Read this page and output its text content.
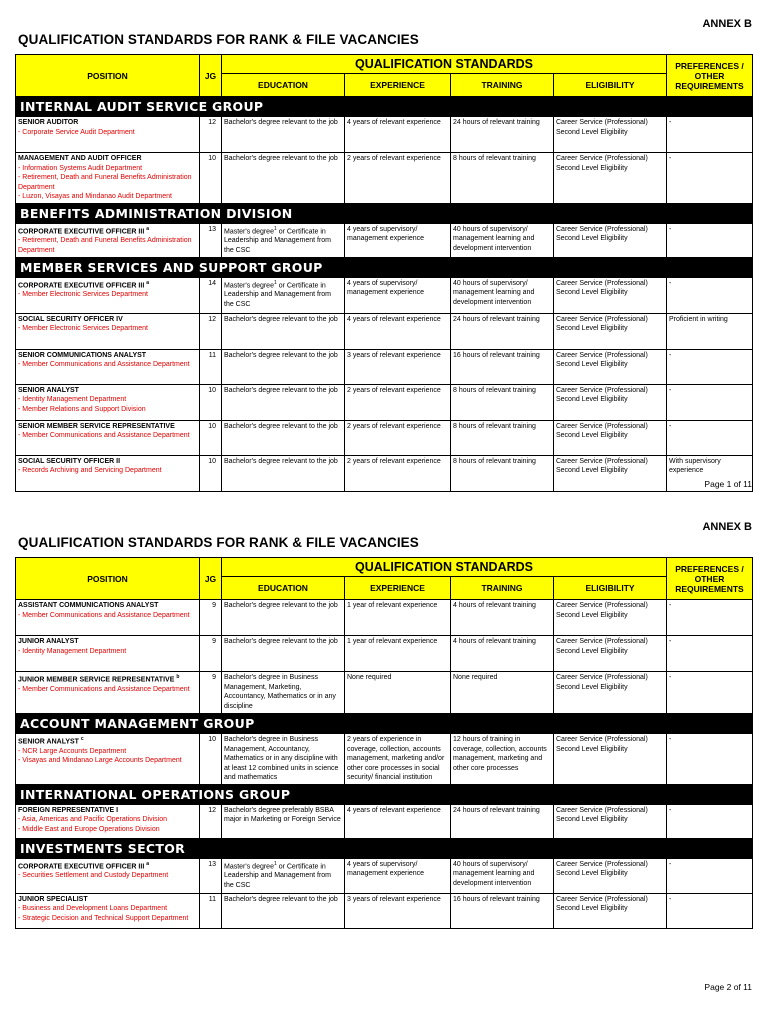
ANNEX B
QUALIFICATION STANDARDS FOR RANK & FILE VACANCIES
POSITION	JG	QUALIFICATION STANDARDS				PREFERENCES / OTHER REQUIREMENTS
		EDUCATION	EXPERIENCE	TRAINING	ELIGIBILITY	
INTERNAL AUDIT SERVICE GROUP						

SENIOR AUDITOR
- Corporate Service Audit Department	12	Bachelor's degree relevant to the job	4 years of relevant experience	24 hours of relevant training	Career Service (Professional) Second Level Eligibility	-

MANAGEMENT AND AUDIT OFFICER
- Information Systems Audit Department
- Retirement, Death and Funeral Benefits Administration Department
- Luzon, Visayas and Mindanao Audit Department	10	Bachelor's degree relevant to the job	2 years of relevant experience	8 hours of relevant training	Career Service (Professional) Second Level Eligibility	-
BENEFITS ADMINISTRATION DIVISION						

CORPORATE EXECUTIVE OFFICER III $^a$
- Retirement, Death and Funeral Benefits Administration Department	13	Master's degree$^1$ or Certificate in Leadership and Management from the CSC	4 years of supervisory/ management experience	40 hours of supervisory/ management learning and development intervention	Career Service (Professional) Second Level Eligibility	-
MEMBER SERVICES AND SUPPORT GROUP						

CORPORATE EXECUTIVE OFFICER III $^a$
- Member Electronic Services Department	14	Master's degree$^1$ or Certificate in Leadership and Management from the CSC	4 years of supervisory/ management experience	40 hours of supervisory/ management learning and development intervention	Career Service (Professional) Second Level Eligibility	-

SOCIAL SECURITY OFFICER IV
- Member Electronic Services Department	12	Bachelor's degree relevant to the job	4 years of relevant experience	24 hours of relevant training	Career Service (Professional) Second Level Eligibility	Proficient in writing

SENIOR COMMUNICATIONS ANALYST
- Member Communications and Assistance Department	11	Bachelor's degree relevant to the job	3 years of relevant experience	16 hours of relevant training	Career Service (Professional) Second Level Eligibility	-

SENIOR ANALYST
- Identity Management Department
- Member Relations and Support Division	10	Bachelor's degree relevant to the job	2 years of relevant experience	8 hours of relevant training	Career Service (Professional) Second Level Eligibility	-

SENIOR MEMBER SERVICE REPRESENTATIVE
- Member Communications and Assistance Department	10	Bachelor's degree relevant to the job	2 years of relevant experience	8 hours of relevant training	Career Service (Professional) Second Level Eligibility	-

SOCIAL SECURITY OFFICER II
- Records Archiving and Servicing Department	10	Bachelor's degree relevant to the job	2 years of relevant experience	8 hours of relevant training	Career Service (Professional) Second Level Eligibility	With supervisory experience
Page 1 of 11
ANNEX B
QUALIFICATION STANDARDS FOR RANK & FILE VACANCIES
POSITION	JG	QUALIFICATION STANDARDS				PREFERENCES / OTHER REQUIREMENTS
		EDUCATION	EXPERIENCE	TRAINING	ELIGIBILITY	

ASSISTANT COMMUNICATIONS ANALYST
- Member Communications and Assistance Department	9	Bachelor's degree relevant to the job	1 year of relevant experience	4 hours of relevant training	Career Service (Professional) Second Level Eligibility	-

JUNIOR ANALYST
- Identity Management Department	9	Bachelor's degree relevant to the job	1 year of relevant experience	4 hours of relevant training	Career Service (Professional) Second Level Eligibility	-

JUNIOR MEMBER SERVICE REPRESENTATIVE $^b$
- Member Communications and Assistance Department	9	Bachelor's degree in Business Management, Marketing, Accountancy, Mathematics or in any discipline	None required	None required	Career Service (Professional) Second Level Eligibility	-
ACCOUNT MANAGEMENT GROUP						

SENIOR ANALYST $^c$
- NCR Large Accounts Department
- Visayas and Mindanao Large Accounts Department	10	Bachelor's degree in Business Management, Accountancy, Mathematics or in any discipline with at least 12 combined units in science and mathematics	2 years of experience in coverage, collection, accounts management, marketing and/or other core processes in social security/ financial institution	12 hours of training in coverage, collection, accounts management, marketing and other core processes	Career Service (Professional) Second Level Eligibility	-
INTERNATIONAL OPERATIONS GROUP						

FOREIGN REPRESENTATIVE I
- Asia, Americas and Pacific Operations Division
- Middle East and Europe Operations Division	12	Bachelor's degree preferably BSBA major in Marketing or Foreign Service	4 years of relevant experience	24 hours of relevant training	Career Service (Professional) Second Level Eligibility	-
INVESTMENTS SECTOR						

CORPORATE EXECUTIVE OFFICER III $^a$
- Securities Settlement and Custody Department	13	Master's degree$^1$ or Certificate in Leadership and Management from the CSC	4 years of supervisory/ management experience	40 hours of supervisory/ management learning and development intervention	Career Service (Professional) Second Level Eligibility	-

JUNIOR SPECIALIST
- Business and Development Loans Department
- Strategic Decision and Technical Support Department	11	Bachelor's degree relevant to the job	3 years of relevant experience	16 hours of relevant training	Career Service (Professional) Second Level Eligibility	-
Page 2 of 11
